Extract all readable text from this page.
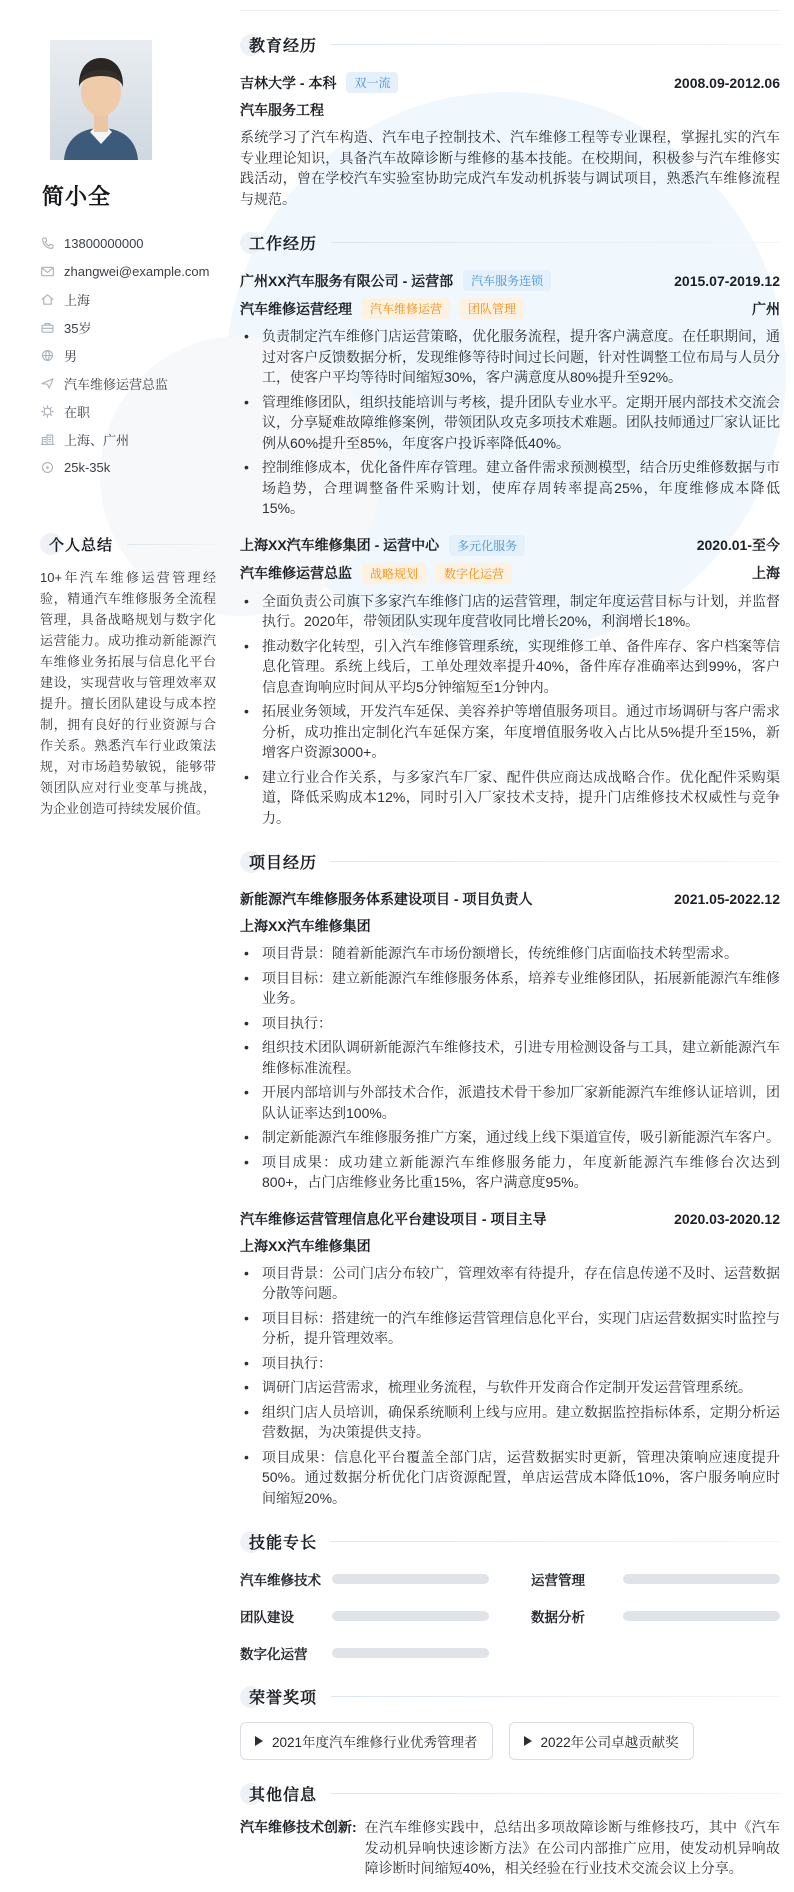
简小全
13800000000
zhangwei@example.com
上海
35岁
男
汽车维修运营总监
在职
上海、广州
25k-35k
个人总结

10+年汽车维修运营管理经验，精通汽车维修服务全流程管理，具备战略规划与数字化运营能力。成功推动新能源汽车维修业务拓展与信息化平台建设，实现营收与管理效率双提升。擅长团队建设与成本控制，拥有良好的行业资源与合作关系。熟悉汽车行业政策法规，对市场趋势敏锐，能够带领团队应对行业变革与挑战，为企业创造可持续发展价值。

教育经历
吉林大学 - 本科	双一流	2008.09-2012.06
汽车服务工程

系统学习了汽车构造、汽车电子控制技术、汽车维修工程等专业课程，掌握扎实的汽车专业理论知识，具备汽车故障诊断与维修的基本技能。在校期间，积极参与汽车维修实践活动，曾在学校汽车实验室协助完成汽车发动机拆装与调试项目，熟悉汽车维修流程与规范。

工作经历
广州XX汽车服务有限公司 - 运营部	汽车服务连锁	2015.07-2019.12
汽车维修运营经理	汽车维修运营	团队管理	广州
• 负责制定汽车维修门店运营策略，优化服务流程，提升客户满意度。在任职期间，通过对客户反馈数据分析，发现维修等待时间过长问题，针对性调整工位布局与人员分工，使客户平均等待时间缩短30%，客户满意度从80%提升至92%。
• 管理维修团队，组织技能培训与考核，提升团队专业水平。定期开展内部技术交流会议，分享疑难故障维修案例，带领团队攻克多项技术难题。团队技师通过厂家认证比例从60%提升至85%，年度客户投诉率降低40%。
• 控制维修成本，优化备件库存管理。建立备件需求预测模型，结合历史维修数据与市场趋势，合理调整备件采购计划，使库存周转率提高25%，年度维修成本降低15%。
上海XX汽车维修集团 - 运营中心	多元化服务	2020.01-至今
汽车维修运营总监	战略规划	数字化运营	上海
• 全面负责公司旗下多家汽车维修门店的运营管理，制定年度运营目标与计划，并监督执行。2020年，带领团队实现年度营收同比增长20%，利润增长18%。
• 推动数字化转型，引入汽车维修管理系统，实现维修工单、备件库存、客户档案等信息化管理。系统上线后，工单处理效率提升40%，备件库存准确率达到99%，客户信息查询响应时间从平均5分钟缩短至1分钟内。
• 拓展业务领域，开发汽车延保、美容养护等增值服务项目。通过市场调研与客户需求分析，成功推出定制化汽车延保方案，年度增值服务收入占比从5%提升至15%，新增客户资源3000+。
• 建立行业合作关系，与多家汽车厂家、配件供应商达成战略合作。优化配件采购渠道，降低采购成本12%，同时引入厂家技术支持，提升门店维修技术权威性与竞争力。
项目经历
新能源汽车维修服务体系建设项目 - 项目负责人	2021.05-2022.12
上海XX汽车维修集团
• 项目背景：随着新能源汽车市场份额增长，传统维修门店面临技术转型需求。
• 项目目标：建立新能源汽车维修服务体系，培养专业维修团队，拓展新能源汽车维修业务。
• 项目执行：
• 组织技术团队调研新能源汽车维修技术，引进专用检测设备与工具，建立新能源汽车维修标准流程。
• 开展内部培训与外部技术合作，派遣技术骨干参加厂家新能源汽车维修认证培训，团队认证率达到100%。
• 制定新能源汽车维修服务推广方案，通过线上线下渠道宣传，吸引新能源汽车客户。
• 项目成果：成功建立新能源汽车维修服务能力，年度新能源汽车维修台次达到800+，占门店维修业务比重15%，客户满意度95%。
汽车维修运营管理信息化平台建设项目 - 项目主导	2020.03-2020.12
上海XX汽车维修集团
• 项目背景：公司门店分布较广，管理效率有待提升，存在信息传递不及时、运营数据分散等问题。
• 项目目标：搭建统一的汽车维修运营管理信息化平台，实现门店运营数据实时监控与分析，提升管理效率。
• 项目执行：
• 调研门店运营需求，梳理业务流程，与软件开发商合作定制开发运营管理系统。
• 组织门店人员培训，确保系统顺利上线与应用。建立数据监控指标体系，定期分析运营数据，为决策提供支持。
• 项目成果：信息化平台覆盖全部门店，运营数据实时更新，管理决策响应速度提升50%。通过数据分析优化门店资源配置，单店运营成本降低10%，客户服务响应时间缩短20%。
技能专长
汽车维修技术	运营管理
团队建设	数据分析
数字化运营
荣誉奖项
2021年度汽车维修行业优秀管理者	2022年公司卓越贡献奖
其他信息
汽车维修技术创新: 在汽车维修实践中，总结出多项故障诊断与维修技巧，其中《汽车发动机异响快速诊断方法》在公司内部推广应用，使发动机异响故障诊断时间缩短40%，相关经验在行业技术交流会议上分享。
